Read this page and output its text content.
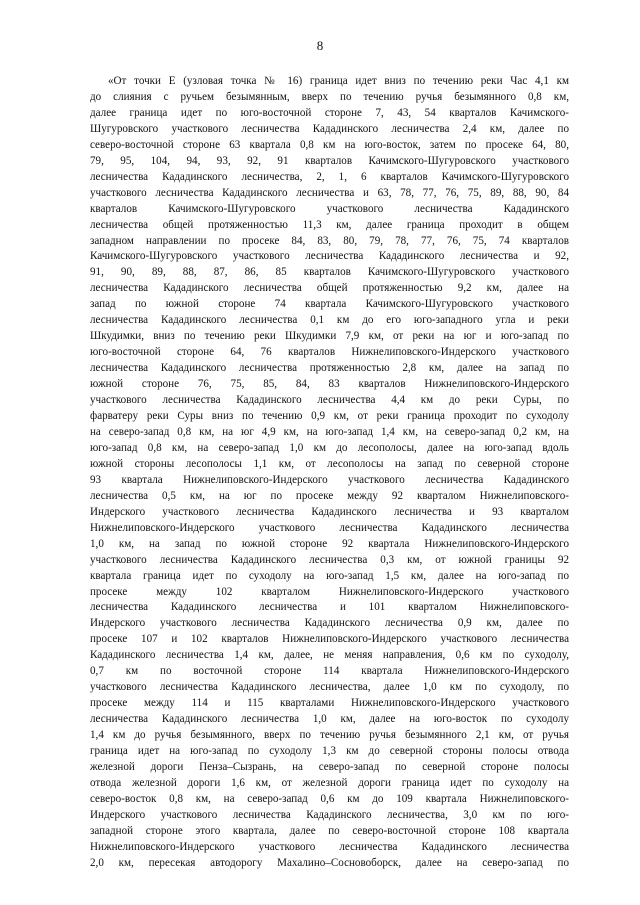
8
«От точки Е (узловая точка № 16) граница идет вниз по течению реки Час 4,1 км
до слияния с ручьем безымянным, вверх по течению ручья безымянного 0,8 км,
далее граница идет по юго-восточной стороне 7, 43, 54 кварталов Качимского-
Шугуровского участкового лесничества Кададинского лесничества 2,4 км, далее по
северо-восточной стороне 63 квартала 0,8 км на юго-восток, затем по просеке 64, 80,
79, 95, 104, 94, 93, 92, 91 кварталов Качимского-Шугуровского участкового
лесничества Кададинского лесничества, 2, 1, 6 кварталов Качимского-Шугуровского
участкового лесничества Кададинского лесничества и 63, 78, 77, 76, 75, 89, 88, 90, 84
кварталов Качимского-Шугуровского участкового лесничества Кададинского
лесничества общей протяженностью 11,3 км, далее граница проходит в общем
западном направлении по просеке 84, 83, 80, 79, 78, 77, 76, 75, 74 кварталов
Качимского-Шугуровского участкового лесничества Кададинского лесничества и 92,
91, 90, 89, 88, 87, 86, 85 кварталов Качимского-Шугуровского участкового
лесничества Кададинского лесничества общей протяженностью 9,2 км, далее на
запад по южной стороне 74 квартала Качимского-Шугуровского участкового
лесничества Кададинского лесничества 0,1 км до его юго-западного угла и реки
Шкудимки, вниз по течению реки Шкудимки 7,9 км, от реки на юг и юго-запад по
юго-восточной стороне 64, 76 кварталов Нижнелиповского-Индерского участкового
лесничества Кададинского лесничества протяженностью 2,8 км, далее на запад по
южной стороне 76, 75, 85, 84, 83 кварталов Нижнелиповского-Индерского
участкового лесничества Кададинского лесничества 4,4 км до реки Суры, по
фарватеру реки Суры вниз по течению 0,9 км, от реки граница проходит по суходолу
на северо-запад 0,8 км, на юг 4,9 км, на юго-запад 1,4 км, на северо-запад 0,2 км, на
юго-запад 0,8 км, на северо-запад 1,0 км до лесополосы, далее на юго-запад вдоль
южной стороны лесополосы 1,1 км, от лесополосы на запад по северной стороне
93 квартала Нижнелиповского-Индерского участкового лесничества Кададинского
лесничества 0,5 км, на юг по просеке между 92 кварталом Нижнелиповского-
Индерского участкового лесничества Кададинского лесничества и 93 кварталом
Нижнелиповского-Индерского участкового лесничества Кададинского лесничества
1,0 км, на запад по южной стороне 92 квартала Нижнелиповского-Индерского
участкового лесничества Кададинского лесничества 0,3 км, от южной границы 92
квартала граница идет по суходолу на юго-запад 1,5 км, далее на юго-запад по
просеке между 102 кварталом Нижнелиповского-Индерского участкового
лесничества Кададинского лесничества и 101 кварталом Нижнелиповского-
Индерского участкового лесничества Кададинского лесничества 0,9 км, далее по
просеке 107 и 102 кварталов Нижнелиповского-Индерского участкового лесничества
Кададинского лесничества 1,4 км, далее, не меняя направления, 0,6 км по суходолу,
0,7 км по восточной стороне 114 квартала Нижнелиповского-Индерского
участкового лесничества Кададинского лесничества, далее 1,0 км по суходолу, по
просеке между 114 и 115 кварталами Нижнелиповского-Индерского участкового
лесничества Кададинского лесничества 1,0 км, далее на юго-восток по суходолу
1,4 км до ручья безымянного, вверх по течению ручья безымянного 2,1 км, от ручья
граница идет на юго-запад по суходолу 1,3 км до северной стороны полосы отвода
железной дороги Пенза–Сызрань, на северо-запад по северной стороне полосы
отвода железной дороги 1,6 км, от железной дороги граница идет по суходолу на
северо-восток 0,8 км, на северо-запад 0,6 км до 109 квартала Нижнелиповского-
Индерского участкового лесничества Кададинского лесничества, 3,0 км по юго-
западной стороне этого квартала, далее по северо-восточной стороне 108 квартала
Нижнелиповского-Индерского участкового лесничества Кададинского лесничества
2,0 км, пересекая автодорогу Махалино–Сосновоборск, далее на северо-запад по
